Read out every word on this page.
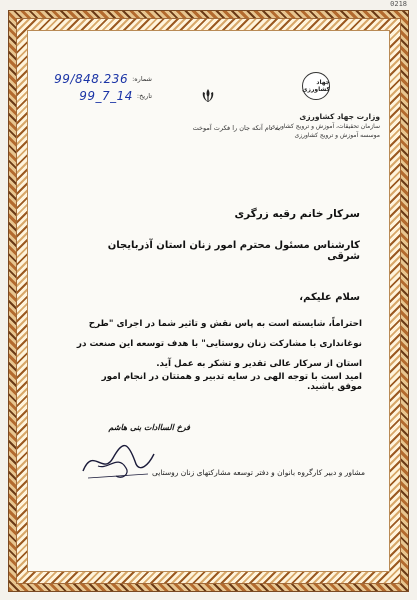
0218
99/848.236 شماره:
99_7_14 تاریخ:
به نام آنکه جان را فکرت آموخت
جهاد کشاورزی
وزارت جهاد کشاورزی
سازمان تحقیقات، آموزش و ترویج کشاورزی
موسسه آموزش و ترویج کشاورزی
سرکار خانم رقیه زرگری
کارشناس مسئول محترم امور زنان استان آذربایجان شرقی
سلام علیکم،
احتراماً، شایسته است به پاس نقش و تاثیر شما در اجرای "طرح نوغانداری با مشارکت زنان روستایی" با هدف توسعه این صنعت در استان از سرکار عالی تقدیر و تشکر به عمل آید.
امید است با توجه الهی در سایه تدبیر و همتتان در انجام امور موفق باشید.
فرخ الساادات بنی هاشم
مشاور و دبیر کارگروه بانوان و دفتر توسعه مشارکتهای زنان روستایی
